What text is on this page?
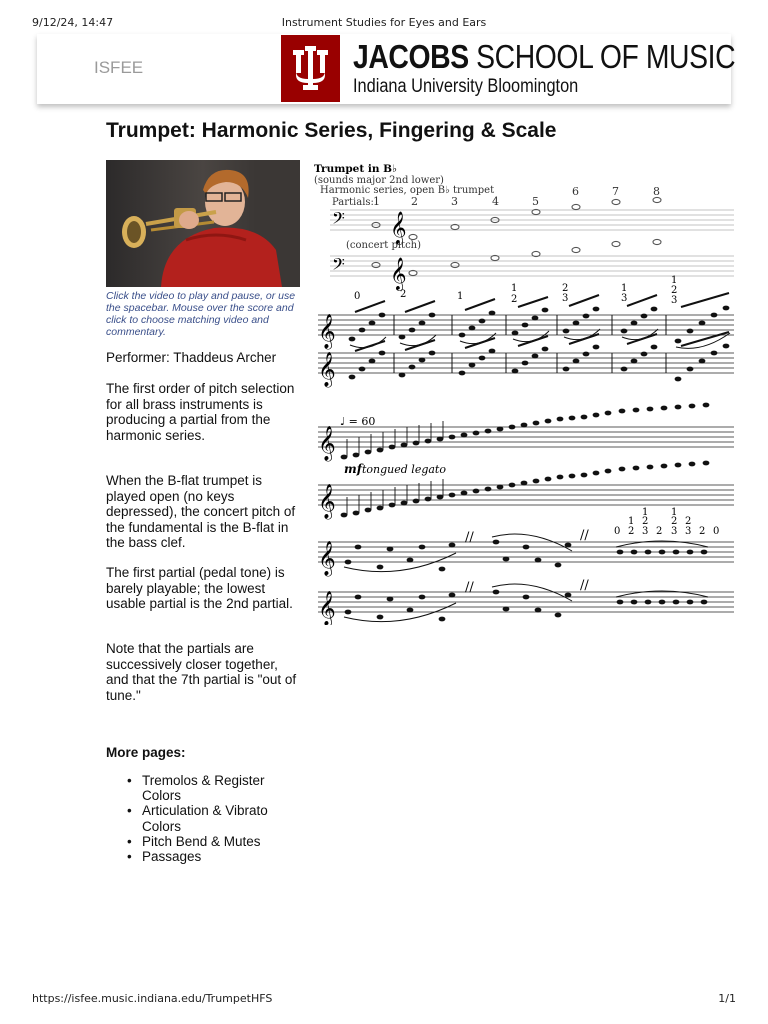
9/12/24, 14:47	Instrument Studies for Eyes and Ears
ISFEE	JACOBS SCHOOL OF MUSIC
Indiana University Bloomington
Trumpet: Harmonic Series, Fingering & Scale
Click the video to play and pause, or use the spacebar. Mouse over the score and click to choose matching video and commentary.

Performer: Thaddeus Archer

The first order of pitch selection for all brass instruments is producing a partial from the harmonic series.

When the B-flat trumpet is played open (no keys depressed), the concert pitch of the fundamental is the B-flat in the bass clef.

The first partial (pedal tone) is barely playable; the lowest usable partial is the 2nd partial.

Note that the partials are successively closer together, and that the 7th partial is "out of tune."

More pages:

• Tremolos & Register Colors
• Articulation & Vibrato Colors
• Pitch Bend & Mutes
• Passages
Trumpet in B♭
(sounds major 2nd lower)
Harmonic series, open B♭ trumpet
Partials: 1	2	3	4	5
6	7	8
𝄢 𝄞
𝄢 𝄞
(concert pitch)
0	2	1
1
2
2
3
1
3
1
2
3
𝄞
𝄞
♩ = 60
𝄞
𝄞
mf tongued legato
1 1
1 2 2 2
0 2 3 2 3 3 2 0
𝄞
𝄞
//	//
//	//
https://isfee.music.indiana.edu/TrumpetHFS	1/1
